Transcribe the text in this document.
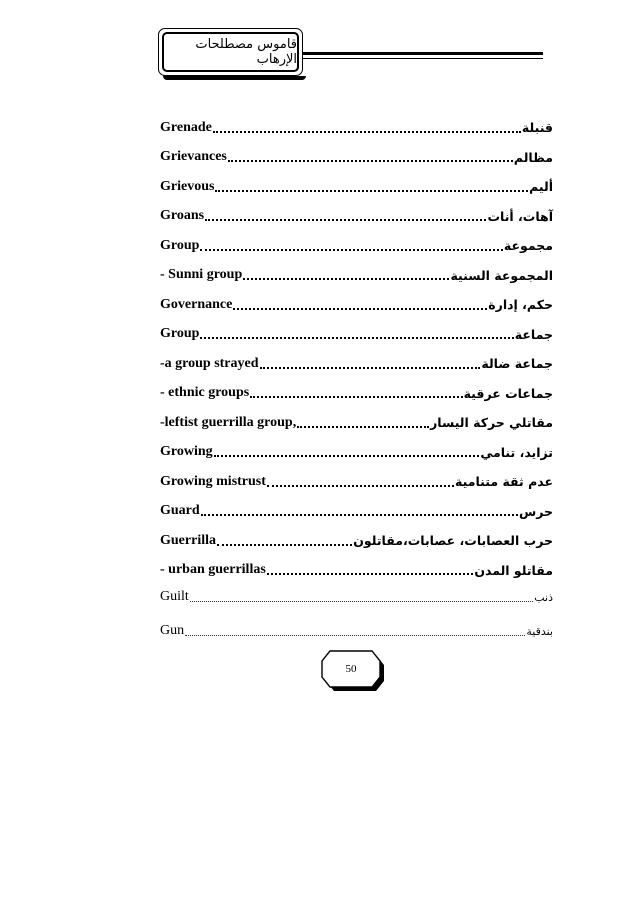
قاموس مصطلحات الإرهاب
Grenade	قنبلة
Grievances	مظالم
Grievous	أليم
Groans	آهات، أنات
Group	مجموعة
- Sunni group	المجموعة السنية
Governance	حكم، إدارة
Group	جماعة
-a group strayed	جماعة ضالة
- ethnic groups	جماعات عرقية
-leftist guerrilla group,	مقاتلي حركة اليسار
Growing	تزايد، تنامي
Growing mistrust	عدم ثقة متنامية
Guard	حرس
Guerrilla	حرب العصابات، عصابات،مقاتلون
- urban guerrillas	مقاتلو المدن
Guilt	ذنب
Gun	بندقية
50
